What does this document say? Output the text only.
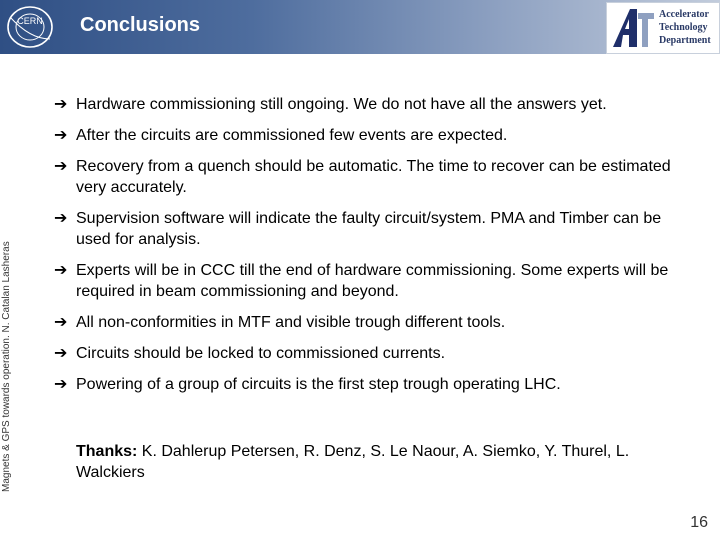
CERN Conclusions	Accelerator
Technology
Department
Magnets & GPS towards operation. N. Catalan Lasheras
➔ Hardware commissioning still ongoing. We do not have all the answers yet.
➔ After the circuits are commissioned few events are expected.
➔ Recovery from a quench should be automatic. The time to recover can be estimated very accurately.
➔ Supervision software will indicate the faulty circuit/system. PMA and Timber can be used for analysis.
➔ Experts will be in CCC till the end of hardware commissioning. Some experts will be required in beam commissioning and beyond.
➔ All non-conformities in MTF and visible trough different tools.
➔ Circuits should be locked to commissioned currents.
➔ Powering of a group of circuits is the first step trough operating LHC.
Thanks: K. Dahlerup Petersen, R. Denz, S. Le Naour, A. Siemko, Y. Thurel, L. Walckiers
16
